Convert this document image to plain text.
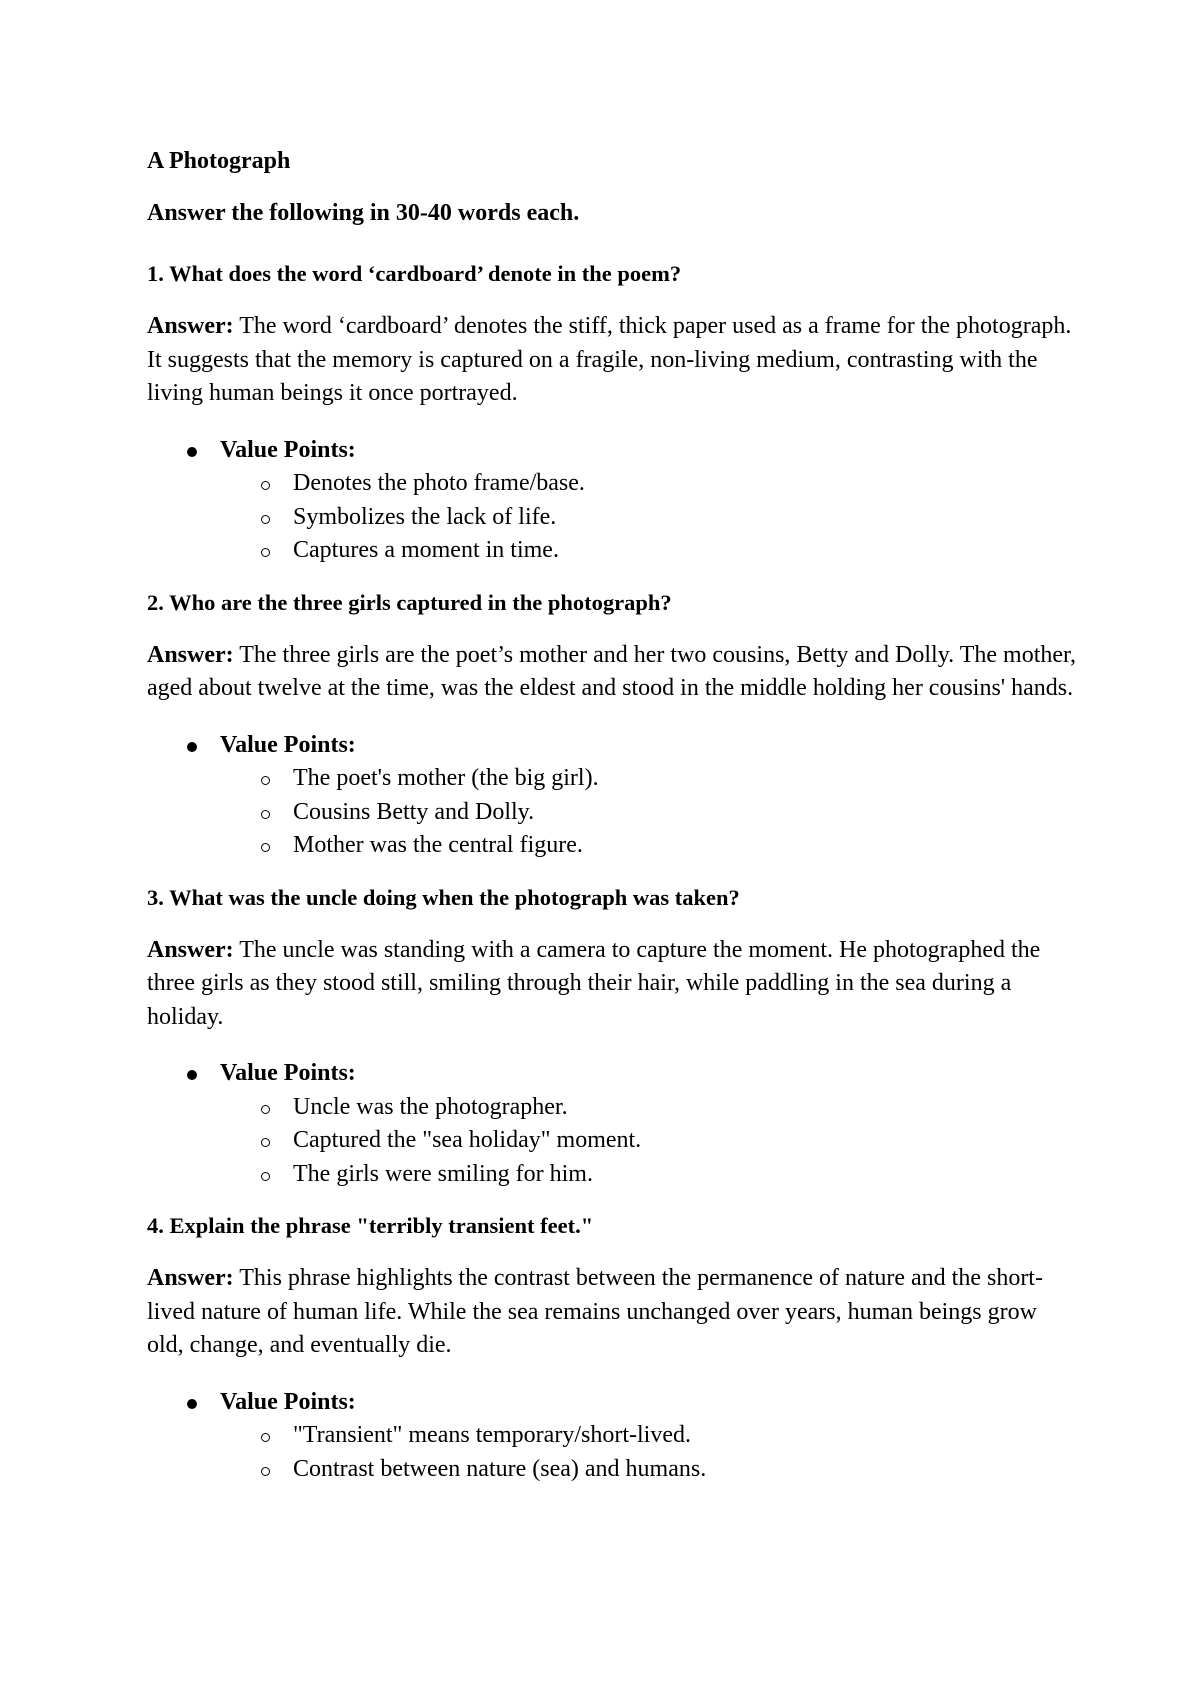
A Photograph
Answer the following in 30-40 words each.
1. What does the word ‘cardboard’ denote in the poem?
Answer: The word ‘cardboard’ denotes the stiff, thick paper used as a frame for the photograph. It suggests that the memory is captured on a fragile, non-living medium, contrasting with the living human beings it once portrayed.
Value Points:
Denotes the photo frame/base.
Symbolizes the lack of life.
Captures a moment in time.
2. Who are the three girls captured in the photograph?
Answer: The three girls are the poet’s mother and her two cousins, Betty and Dolly. The mother, aged about twelve at the time, was the eldest and stood in the middle holding her cousins' hands.
Value Points:
The poet's mother (the big girl).
Cousins Betty and Dolly.
Mother was the central figure.
3. What was the uncle doing when the photograph was taken?
Answer: The uncle was standing with a camera to capture the moment. He photographed the three girls as they stood still, smiling through their hair, while paddling in the sea during a holiday.
Value Points:
Uncle was the photographer.
Captured the "sea holiday" moment.
The girls were smiling for him.
4. Explain the phrase "terribly transient feet."
Answer: This phrase highlights the contrast between the permanence of nature and the short-lived nature of human life. While the sea remains unchanged over years, human beings grow old, change, and eventually die.
Value Points:
"Transient" means temporary/short-lived.
Contrast between nature (sea) and humans.
